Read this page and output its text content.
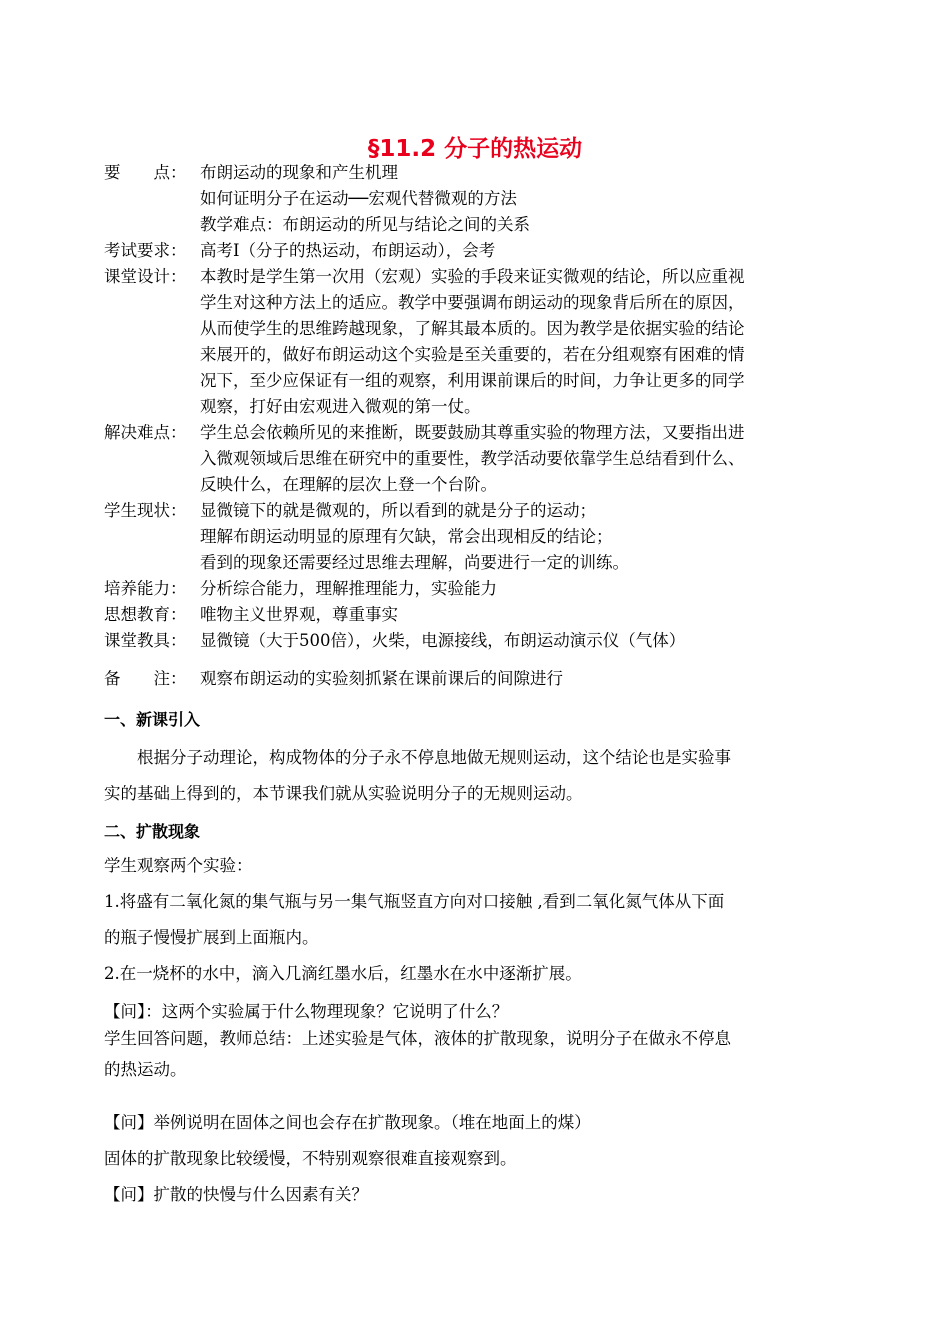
§11.2 分子的热运动
要　　点： 布朗运动的现象和产生机理
如何证明分子在运动──宏观代替微观的方法
教学难点：布朗运动的所见与结论之间的关系
考试要求： 高考Ⅰ（分子的热运动，布朗运动），会考
课堂设计： 本教时是学生第一次用（宏观）实验的手段来证实微观的结论，所以应重视
学生对这种方法上的适应。教学中要强调布朗运动的现象背后所在的原因，
从而使学生的思维跨越现象，了解其最本质的。因为教学是依据实验的结论
来展开的，做好布朗运动这个实验是至关重要的，若在分组观察有困难的情
况下，至少应保证有一组的观察，利用课前课后的时间，力争让更多的同学
观察，打好由宏观进入微观的第一仗。
解决难点： 学生总会依赖所见的来推断，既要鼓励其尊重实验的物理方法，又要指出进
入微观领域后思维在研究中的重要性，教学活动要依靠学生总结看到什么、
反映什么，在理解的层次上登一个台阶。
学生现状： 显微镜下的就是微观的，所以看到的就是分子的运动；
理解布朗运动明显的原理有欠缺，常会出现相反的结论；
看到的现象还需要经过思维去理解，尚要进行一定的训练。
培养能力： 分析综合能力，理解推理能力，实验能力
思想教育： 唯物主义世界观，尊重事实
课堂教具： 显微镜（大于500倍），火柴，电源接线，布朗运动演示仪（气体）
备　　注： 观察布朗运动的实验刻抓紧在课前课后的间隙进行
一、新课引入
根据分子动理论，构成物体的分子永不停息地做无规则运动，这个结论也是实验事
实的基础上得到的，本节课我们就从实验说明分子的无规则运动。
二、扩散现象
学生观察两个实验：
1.将盛有二氧化氮的集气瓶与另一集气瓶竖直方向对口接触 ,看到二氧化氮气体从下面
的瓶子慢慢扩展到上面瓶内。
2.在一烧杯的水中，滴入几滴红墨水后，红墨水在水中逐渐扩展。
【问】：这两个实验属于什么物理现象？它说明了什么？
学生回答问题，教师总结：上述实验是气体，液体的扩散现象，说明分子在做永不停息
的热运动。
【问】举例说明在固体之间也会存在扩散现象。（堆在地面上的煤）
固体的扩散现象比较缓慢，不特别观察很难直接观察到。
【问】扩散的快慢与什么因素有关？
